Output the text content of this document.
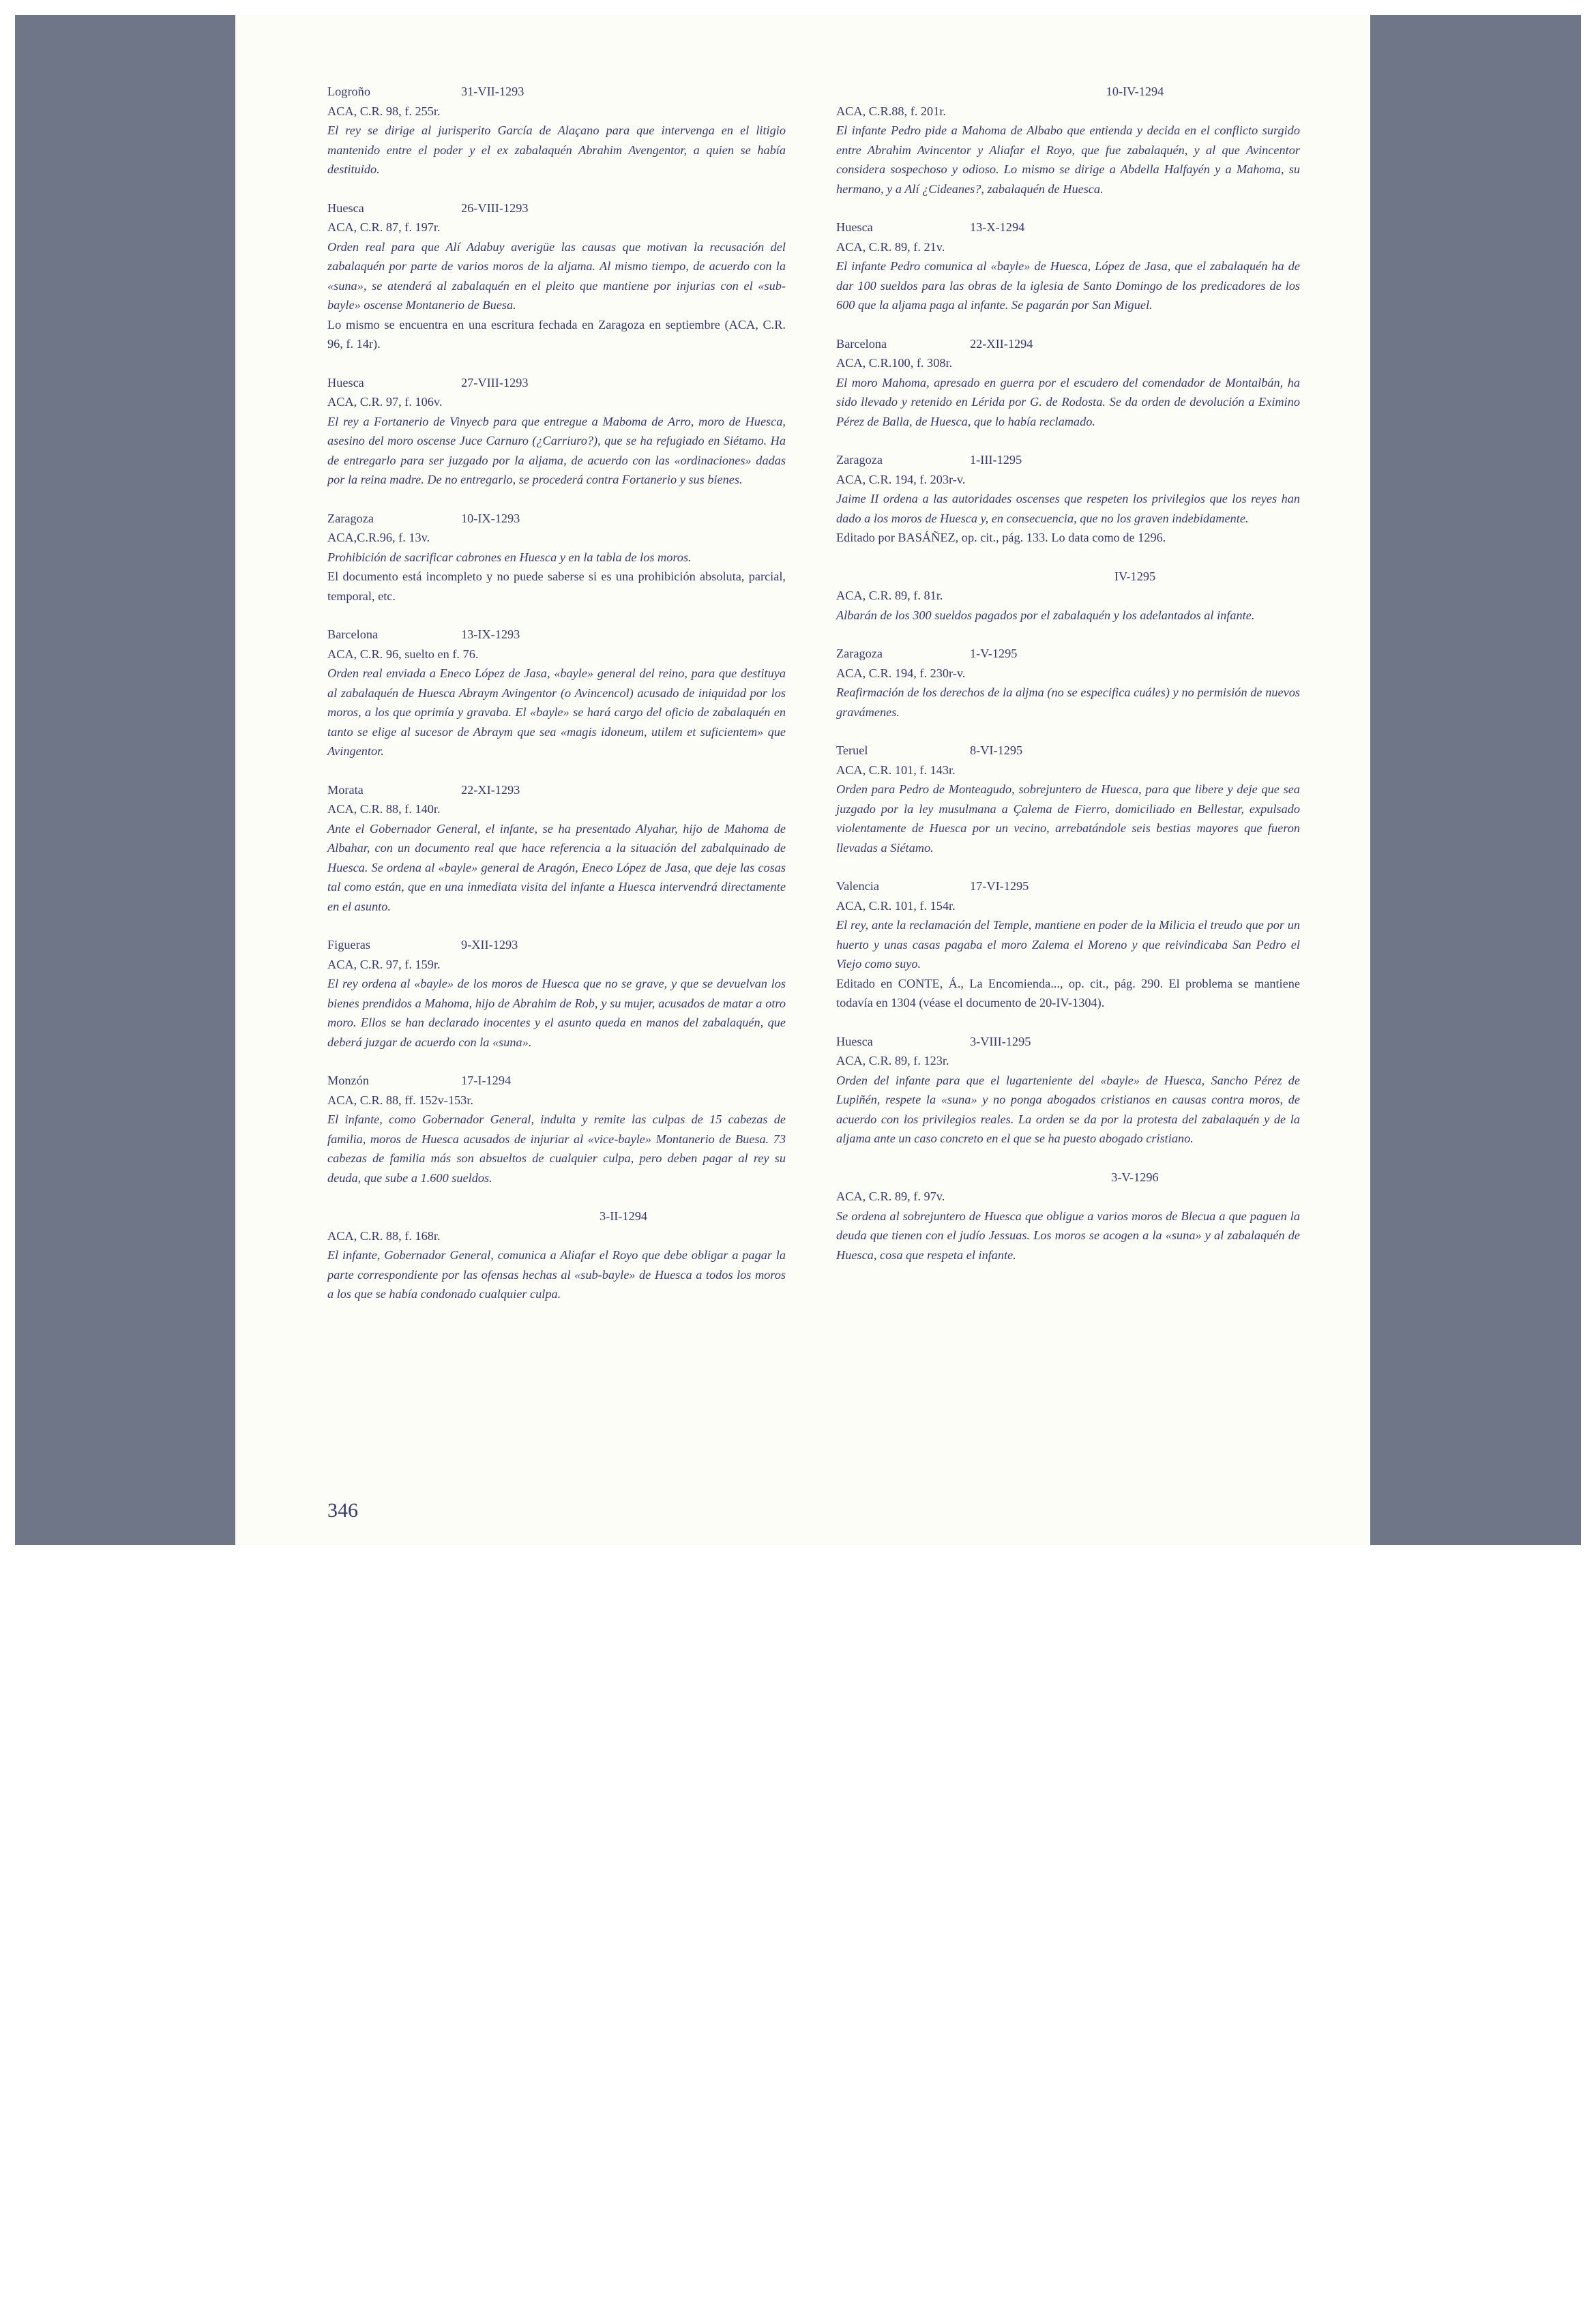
Logroño	31-VII-1293
ACA, C.R. 98, f. 255r.
El rey se dirige al jurisperito García de Alaçano para que intervenga en el litigio mantenido entre el poder y el ex zabalaquén Abrahim Avengentor, a quien se había destituido.
Huesca	26-VIII-1293
ACA, C.R. 87, f. 197r.
Orden real para que Alí Adabuy averigüe las causas que motivan la recusación del zabalaquén por parte de varios moros de la aljama. Al mismo tiempo, de acuerdo con la «suna», se atenderá al zabalaquén en el pleito que mantiene por injurias con el «sub-bayle» oscense Montanerio de Buesa.
Lo mismo se encuentra en una escritura fechada en Zaragoza en septiembre (ACA, C.R. 96, f. 14r).
Huesca	27-VIII-1293
ACA, C.R. 97, f. 106v.
El rey a Fortanerio de Vinyecb para que entregue a Maboma de Arro, moro de Huesca, asesino del moro oscense Juce Carnuro (¿Carriuro?), que se ha refugiado en Siétamo. Ha de entregarlo para ser juzgado por la aljama, de acuerdo con las «ordinaciones» dadas por la reina madre. De no entregarlo, se procederá contra Fortanerio y sus bienes.
Zaragoza	10-IX-1293
ACA,C.R.96, f. 13v.
Prohibición de sacrificar cabrones en Huesca y en la tabla de los moros.
El documento está incompleto y no puede saberse si es una prohibición absoluta, parcial, temporal, etc.
Barcelona	13-IX-1293
ACA, C.R. 96, suelto en f. 76.
Orden real enviada a Eneco López de Jasa, «bayle» general del reino, para que destituya al zabalaquén de Huesca Abraym Avingentor (o Avincencol) acusado de iniquidad por los moros, a los que oprimía y gravaba. El «bayle» se hará cargo del oficio de zabalaquén en tanto se elige al sucesor de Abraym que sea «magis idoneum, utilem et suficientem» que Avingentor.
Morata	22-XI-1293
ACA, C.R. 88, f. 140r.
Ante el Gobernador General, el infante, se ha presentado Alyahar, hijo de Mahoma de Albahar, con un documento real que hace referencia a la situación del zabalquinado de Huesca. Se ordena al «bayle» general de Aragón, Eneco López de Jasa, que deje las cosas tal como están, que en una inmediata visita del infante a Huesca intervendrá directamente en el asunto.
Figueras	9-XII-1293
ACA, C.R. 97, f. 159r.
El rey ordena al «bayle» de los moros de Huesca que no se grave, y que se devuelvan los bienes prendidos a Mahoma, hijo de Abrahim de Rob, y su mujer, acusados de matar a otro moro. Ellos se han declarado inocentes y el asunto queda en manos del zabalaquén, que deberá juzgar de acuerdo con la «suna».
Monzón	17-I-1294
ACA, C.R. 88, ff. 152v-153r.
El infante, como Gobernador General, indulta y remite las culpas de 15 cabezas de familia, moros de Huesca acusados de injuriar al «vice-bayle» Montanerio de Buesa. 73 cabezas de familia más son absueltos de cualquier culpa, pero deben pagar al rey su deuda, que sube a 1.600 sueldos.
3-II-1294
ACA, C.R. 88, f. 168r.
El infante, Gobernador General, comunica a Aliafar el Royo que debe obligar a pagar la parte correspondiente por las ofensas hechas al «sub-bayle» de Huesca a todos los moros a los que se había condonado cualquier culpa.
10-IV-1294
ACA, C.R.88, f. 201r.
El infante Pedro pide a Mahoma de Albabo que entienda y decida en el conflicto surgido entre Abrahim Avincentor y Aliafar el Royo, que fue zabalaquén, y al que Avincentor considera sospechoso y odioso. Lo mismo se dirige a Abdella Halfayén y a Mahoma, su hermano, y a Alí ¿Cideanes?, zabalaquén de Huesca.
Huesca	13-X-1294
ACA, C.R. 89, f. 21v.
El infante Pedro comunica al «bayle» de Huesca, López de Jasa, que el zabalaquén ha de dar 100 sueldos para las obras de la iglesia de Santo Domingo de los predicadores de los 600 que la aljama paga al infante. Se pagarán por San Miguel.
Barcelona	22-XII-1294
ACA, C.R.100, f. 308r.
El moro Mahoma, apresado en guerra por el escudero del comendador de Montalbán, ha sido llevado y retenido en Lérida por G. de Rodosta. Se da orden de devolución a Eximino Pérez de Balla, de Huesca, que lo había reclamado.
Zaragoza	1-III-1295
ACA, C.R. 194, f. 203r-v.
Jaime II ordena a las autoridades oscenses que respeten los privilegios que los reyes han dado a los moros de Huesca y, en consecuencia, que no los graven indebidamente.
Editado por BASÁÑEZ, op. cit., pág. 133. Lo data como de 1296.
IV-1295
ACA, C.R. 89, f. 81r.
Albarán de los 300 sueldos pagados por el zabalaquén y los adelantados al infante.
Zaragoza	1-V-1295
ACA, C.R. 194, f. 230r-v.
Reafirmación de los derechos de la aljma (no se especifica cuáles) y no permisión de nuevos gravámenes.
Teruel	8-VI-1295
ACA, C.R. 101, f. 143r.
Orden para Pedro de Monteagudo, sobrejuntero de Huesca, para que libere y deje que sea juzgado por la ley musulmana a Çalema de Fierro, domiciliado en Bellestar, expulsado violentamente de Huesca por un vecino, arrebatándole seis bestias mayores que fueron llevadas a Siétamo.
Valencia	17-VI-1295
ACA, C.R. 101, f. 154r.
El rey, ante la reclamación del Temple, mantiene en poder de la Milicia el treudo que por un huerto y unas casas pagaba el moro Zalema el Moreno y que reivindicaba San Pedro el Viejo como suyo.
Editado en CONTE, Á., La Encomienda..., op. cit., pág. 290. El problema se mantiene todavía en 1304 (véase el documento de 20-IV-1304).
Huesca	3-VIII-1295
ACA, C.R. 89, f. 123r.
Orden del infante para que el lugarteniente del «bayle» de Huesca, Sancho Pérez de Lupiñén, respete la «suna» y no ponga abogados cristianos en causas contra moros, de acuerdo con los privilegios reales. La orden se da por la protesta del zabalaquén y de la aljama ante un caso concreto en el que se ha puesto abogado cristiano.
3-V-1296
ACA, C.R. 89, f. 97v.
Se ordena al sobrejuntero de Huesca que obligue a varios moros de Blecua a que paguen la deuda que tienen con el judío Jessuas. Los moros se acogen a la «suna» y al zabalaquén de Huesca, cosa que respeta el infante.
346
